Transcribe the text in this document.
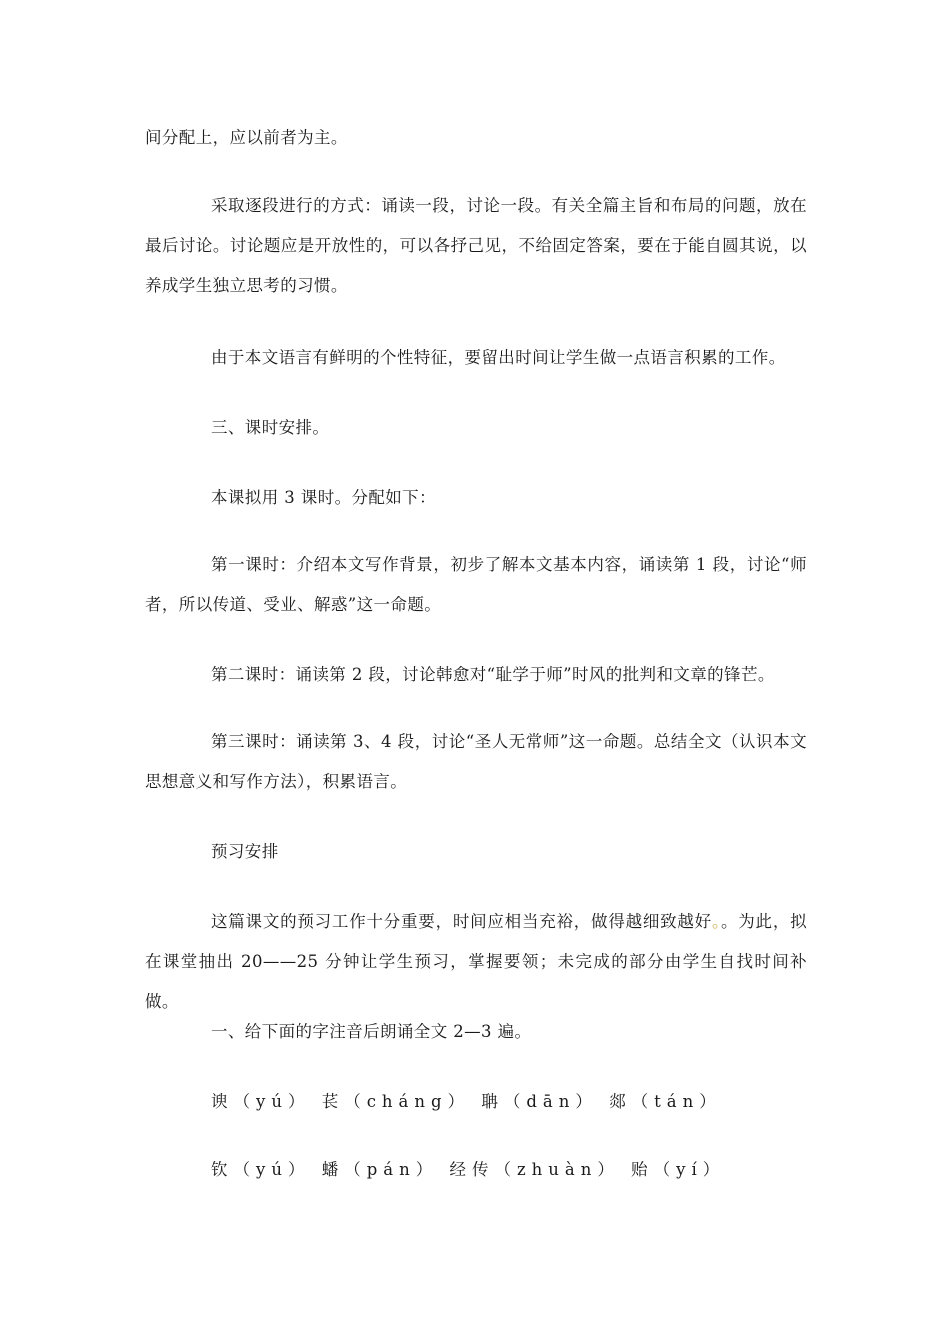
间分配上，应以前者为主。

采取逐段进行的方式：诵读一段，讨论一段。有关全篇主旨和布局的问题，放在最后讨论。讨论题应是开放性的，可以各抒己见，不给固定答案，要在于能自圆其说，以养成学生独立思考的习惯。

由于本文语言有鲜明的个性特征，要留出时间让学生做一点语言积累的工作。

三、课时安排。

本课拟用 3 课时。分配如下：

第一课时：介绍本文写作背景，初步了解本文基本内容，诵读第 1 段，讨论“师者，所以传道、受业、解惑”这一命题。

第二课时：诵读第 2 段，讨论韩愈对“耻学于师”时风的批判和文章的锋芒。

第三课时：诵读第 3、4 段，讨论“圣人无常师”这一命题。总结全文（认识本文思想意义和写作方法），积累语言。

预习安排

这篇课文的预习工作十分重要，时间应相当充裕，做得越细致越好。。为此，拟在课堂抽出 20——25 分钟让学生预习，掌握要领；未完成的部分由学生自找时间补做。

一、给下面的字注音后朗诵全文 2—3 遍。

谀（yú） 苌（cháng） 聃（dān） 郯（tán）

钦（yú） 蟠（pán） 经传（zhuàn） 贻（yí）
